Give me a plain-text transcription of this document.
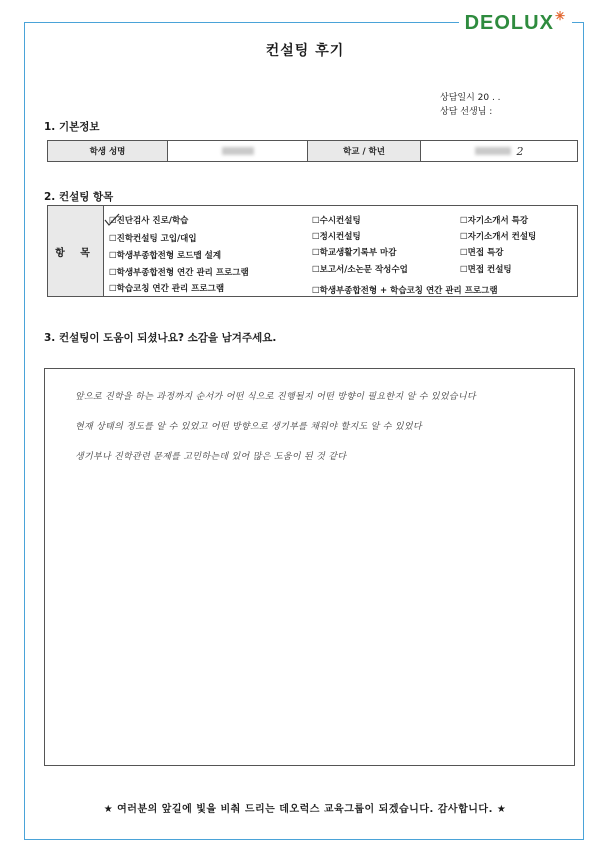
DEOLUX✳
컨설팅 후기
상담일시 20 . .
상담 선생님 :
1. 기본정보
학생 성명	학교 / 학년	2
2. 컨설팅 항목
항 목
☑진단검사 진로/학습
☐진학컨설팅 고입/대입
☐학생부종합전형 로드맵 설계
☐학생부종합전형 연간 관리 프로그램
☐학습코칭 연간 관리 프로그램
☐수시컨설팅
☐정시컨설팅
☐학교생활기록부 마감
☐보고서/소논문 작성수업
☐학생부종합전형 + 학습코칭 연간 관리 프로그램
☐자기소개서 특강
☐자기소개서 컨설팅
☐면접 특강
☐면접 컨설팅
3. 컨설팅이 도움이 되셨나요? 소감을 남겨주세요.
앞으로 진학을 하는 과정까지 순서가 어떤 식으로 진행될지 어떤 방향이 필요한지 알 수 있었습니다
현재 상태의 정도를 알 수 있었고 어떤 방향으로 생기부를 채워야 할지도 알 수 있었다
생기부나 진학관련 문제를 고민하는데 있어 많은 도움이 된 것 같다
★ 여러분의 앞길에 빛을 비춰 드리는 데오럭스 교육그룹이 되겠습니다. 감사합니다. ★
